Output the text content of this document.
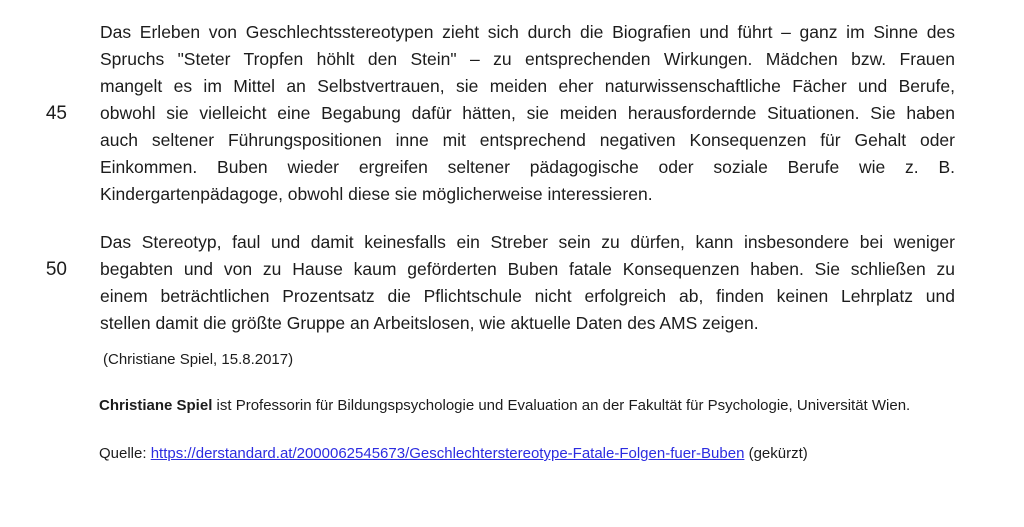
45
Das Erleben von Geschlechtsstereotypen zieht sich durch die Biografien und führt – ganz im Sinne des
Spruchs "Steter Tropfen höhlt den Stein" – zu entsprechenden Wirkungen. Mädchen bzw. Frauen
mangelt es im Mittel an Selbstvertrauen, sie meiden eher naturwissenschaftliche Fächer und Berufe,
obwohl sie vielleicht eine Begabung dafür hätten, sie meiden herausfordernde Situationen. Sie haben
auch seltener Führungspositionen inne mit entsprechend negativen Konsequenzen für Gehalt oder
Einkommen. Buben wieder ergreifen seltener pädagogische oder soziale Berufe wie z. B.
Kindergartenpädagoge, obwohl diese sie möglicherweise interessieren.
50
Das Stereotyp, faul und damit keinesfalls ein Streber sein zu dürfen, kann insbesondere bei weniger
begabten und von zu Hause kaum geförderten Buben fatale Konsequenzen haben. Sie schließen zu
einem beträchtlichen Prozentsatz die Pflichtschule nicht erfolgreich ab, finden keinen Lehrplatz und
stellen damit die größte Gruppe an Arbeitslosen, wie aktuelle Daten des AMS zeigen.
(Christiane Spiel, 15.8.2017)
Christiane Spiel ist Professorin für Bildungspsychologie und Evaluation an der Fakultät für Psychologie, Universität Wien.
Quelle: https://derstandard.at/2000062545673/Geschlechterstereotype-Fatale-Folgen-fuer-Buben (gekürzt)
